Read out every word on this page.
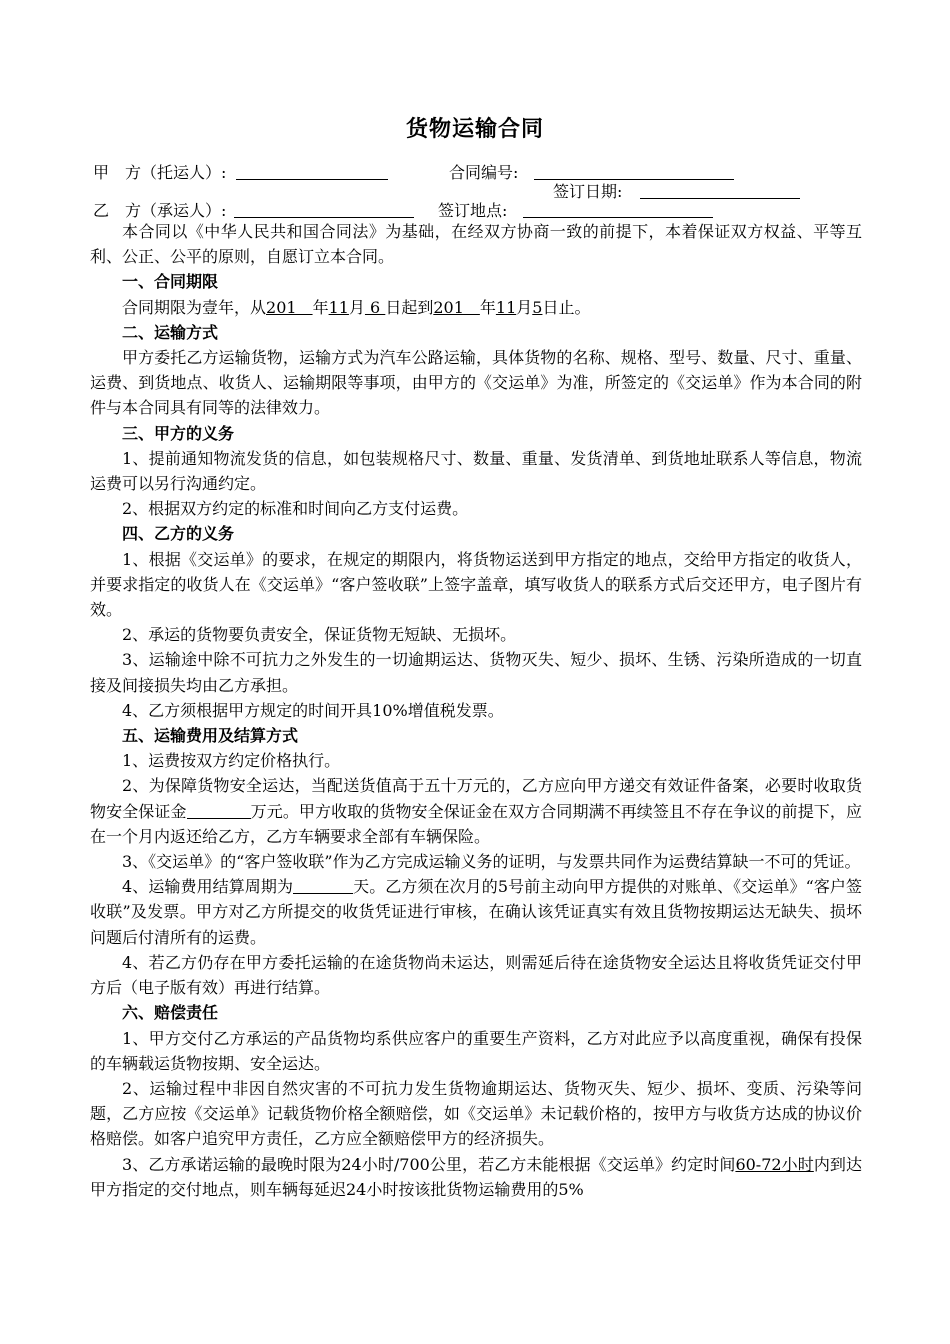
货物运输合同
甲　方（托运人）:	合同编号:
签订日期:
乙　方（承运人）:	签订地点:

本合同以《中华人民共和国合同法》为基础，在经双方协商一致的前提下，本着保证双方权益、平等互利、公正、公平的原则，自愿订立本合同。

一、合同期限

合同期限为壹年，从201　年11月 6 日起到201　年11月5日止。

二、运输方式

甲方委托乙方运输货物，运输方式为汽车公路运输，具体货物的名称、规格、型号、数量、尺寸、重量、运费、到货地点、收货人、运输期限等事项，由甲方的《交运单》为准，所签定的《交运单》作为本合同的附件与本合同具有同等的法律效力。

三、甲方的义务

1、提前通知物流发货的信息，如包装规格尺寸、数量、重量、发货清单、到货地址联系人等信息，物流运费可以另行沟通约定。

2、根据双方约定的标准和时间向乙方支付运费。

四、乙方的义务

1、根据《交运单》的要求，在规定的期限内，将货物运送到甲方指定的地点，交给甲方指定的收货人，并要求指定的收货人在《交运单》“客户签收联”上签字盖章，填写收货人的联系方式后交还甲方，电子图片有效。

2、承运的货物要负责安全，保证货物无短缺、无损坏。

3、运输途中除不可抗力之外发生的一切逾期运达、货物灭失、短少、损坏、生锈、污染所造成的一切直接及间接损失均由乙方承担。

4、乙方须根据甲方规定的时间开具10%增值税发票。

五、运输费用及结算方式

1、运费按双方约定价格执行。

2、为保障货物安全运达，当配送货值高于五十万元的，乙方应向甲方递交有效证件备案，必要时收取货物安全保证金	万元。甲方收取的货物安全保证金在双方合同期满不再续签且不存在争议的前提下，应在一个月内返还给乙方，乙方车辆要求全部有车辆保险。

3、《交运单》的“客户签收联”作为乙方完成运输义务的证明，与发票共同作为运费结算缺一不可的凭证。

4、运输费用结算周期为	天。乙方须在次月的5号前主动向甲方提供的对账单、《交运单》“客户签收联”及发票。甲方对乙方所提交的收货凭证进行审核，在确认该凭证真实有效且货物按期运达无缺失、损坏问题后付清所有的运费。

4、若乙方仍存在甲方委托运输的在途货物尚未运达，则需延后待在途货物安全运达且将收货凭证交付甲方后（电子版有效）再进行结算。

六、赔偿责任

1、甲方交付乙方承运的产品货物均系供应客户的重要生产资料，乙方对此应予以高度重视，确保有投保的车辆载运货物按期、安全运达。

2、运输过程中非因自然灾害的不可抗力发生货物逾期运达、货物灭失、短少、损坏、变质、污染等问题，乙方应按《交运单》记载货物价格全额赔偿，如《交运单》未记载价格的，按甲方与收货方达成的协议价格赔偿。如客户追究甲方责任，乙方应全额赔偿甲方的经济损失。

3、乙方承诺运输的最晚时限为24小时/700公里，若乙方未能根据《交运单》约定时间60-72小时内到达甲方指定的交付地点，则车辆每延迟24小时按该批货物运输费用的5%
